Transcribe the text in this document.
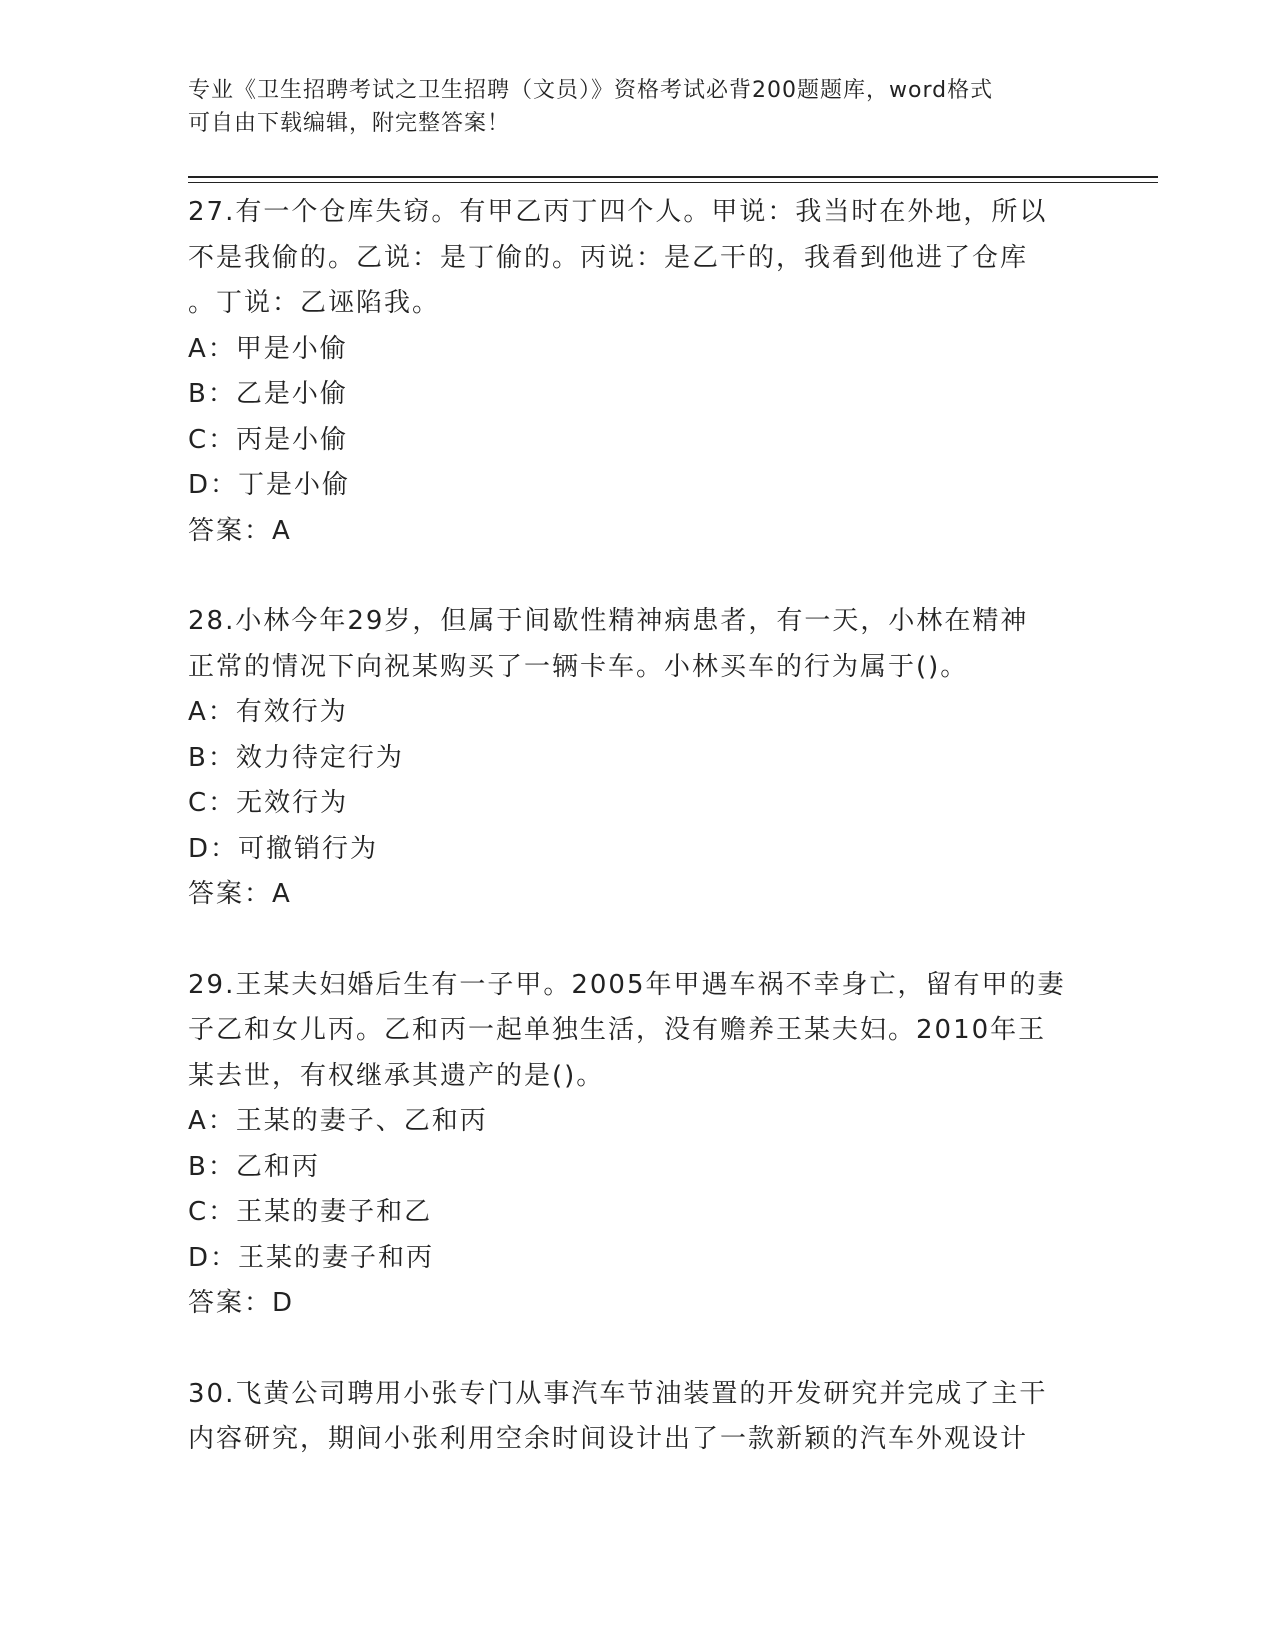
专业《卫生招聘考试之卫生招聘（文员）》资格考试必背200题题库，word格式
可自由下载编辑，附完整答案！
27.有一个仓库失窃。有甲乙丙丁四个人。甲说：我当时在外地，所以
不是我偷的。乙说：是丁偷的。丙说：是乙干的，我看到他进了仓库
。丁说：乙诬陷我。
A：甲是小偷
B：乙是小偷
C：丙是小偷
D：丁是小偷
答案：A
28.小林今年29岁，但属于间歇性精神病患者，有一天，小林在精神
正常的情况下向祝某购买了一辆卡车。小林买车的行为属于()。
A：有效行为
B：效力待定行为
C：无效行为
D：可撤销行为
答案：A
29.王某夫妇婚后生有一子甲。2005年甲遇车祸不幸身亡，留有甲的妻
子乙和女儿丙。乙和丙一起单独生活，没有赡养王某夫妇。2010年王
某去世，有权继承其遗产的是()。
A：王某的妻子、乙和丙
B：乙和丙
C：王某的妻子和乙
D：王某的妻子和丙
答案：D
30.飞黄公司聘用小张专门从事汽车节油装置的开发研究并完成了主干
内容研究，期间小张利用空余时间设计出了一款新颖的汽车外观设计
